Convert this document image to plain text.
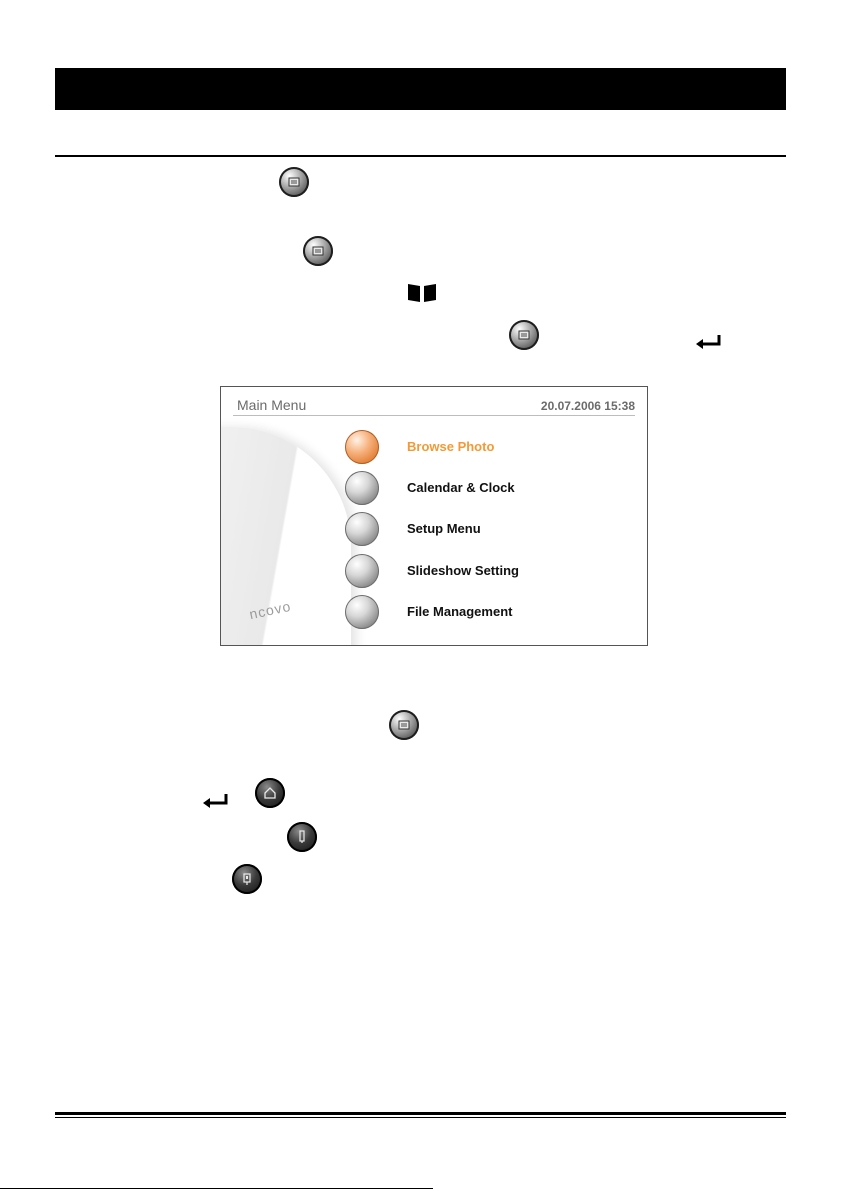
ncovo
Main Menu	20.07.2006 15:38
Browse Photo
Calendar & Clock
Setup Menu
Slideshow Setting
File Management
